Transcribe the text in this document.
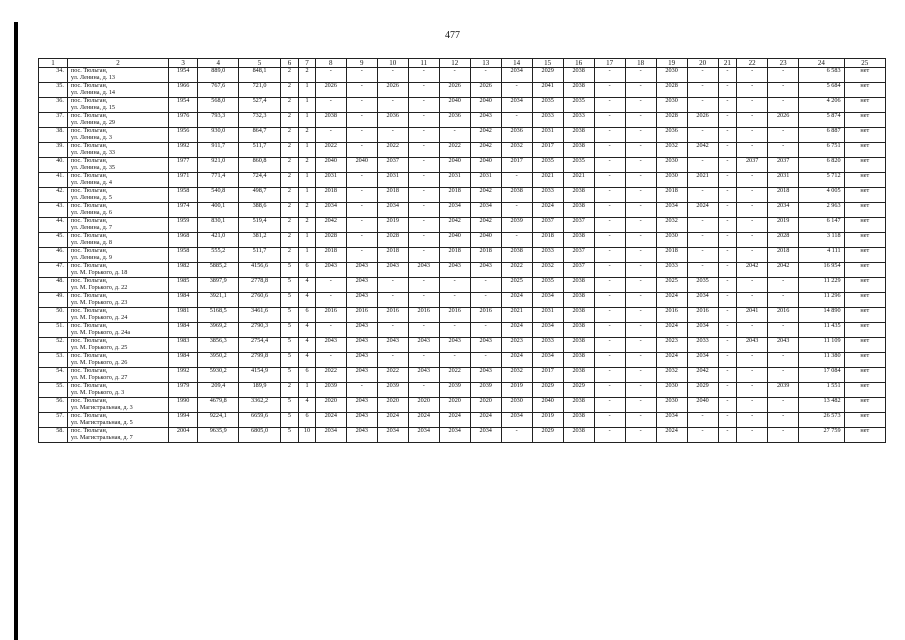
477
1	2	3	4	5	6	7	8	9	10	11	12	13	14	15	16	17	18	19	20	21	22	23	24	25
34.	пос. Тюльган,
ул. Ленина, д. 13	1954	889,0	848,1	2	2	-	-	-	-	-	-	2034	2029	2038	-	-	2030	-	-	-	-	6 583	нет
35.	пос. Тюльган,
ул. Ленина, д. 14	1966	767,6	721,0	2	1	2026	-	2026	-	2026	2026	-	2041	2038	-	-	2028	-	-	-	-	5 684	нет
36.	пос. Тюльган,
ул. Ленина, д. 15	1954	568,0	527,4	2	1	-	-	-	-	2040	2040	2034	2035	2035	-	-	2030	-	-	-	-	4 206	нет
37.	пос. Тюльган,
ул. Ленина, д. 29	1976	793,3	732,3	2	1	2038	-	2036	-	2036	2043	-	2033	2033	-	-	2028	2026	-	-	2026	5 874	нет
38.	пос. Тюльган,
ул. Ленина, д. 3	1956	930,0	864,7	2	2	-	-	-	-	-	2042	2036	2031	2038	-	-	2036	-	-	-	-	6 887	нет
39.	пос. Тюльган,
ул. Ленина, д. 33	1992	911,7	511,7	2	1	2022	-	2022	-	2022	2042	2032	2017	2038	-	-	2032	2042	-	-	-	6 751	нет
40.	пос. Тюльган,
ул. Ленина, д. 35	1977	921,0	860,8	2	2	2040	2040	2037	-	2040	2040	2017	2035	2035	-	-	2030	-	-	2037	2037	6 820	нет
41.	пос. Тюльган,
ул. Ленина, д. 4	1971	771,4	724,4	2	1	2031	-	2031	-	2031	2031	-	2021	2021	-	-	2030	2021	-	-	2031	5 712	нет
42.	пос. Тюльган,
ул. Ленина, д. 5	1958	540,8	498,7	2	1	2018	-	2018	-	2018	2042	2038	2033	2038	-	-	2018	-	-	-	2018	4 005	нет
43.	пос. Тюльган,
ул. Ленина, д. 6	1974	400,1	388,6	2	2	2034	-	2034	-	2034	2034	-	2024	2038	-	-	2034	2024	-	-	2034	2 963	нет
44.	пос. Тюльган,
ул. Ленина, д. 7	1959	830,1	519,4	2	2	2042	-	2019	-	2042	2042	2039	2037	2037	-	-	2032	-	-	-	2019	6 147	нет
45.	пос. Тюльган,
ул. Ленина, д. 8	1968	421,0	381,2	2	1	2028	-	2028	-	2040	2040	-	2018	2038	-	-	2030	-	-	-	2028	3 118	нет
46.	пос. Тюльган,
ул. Ленина, д. 9	1958	555,2	511,7	2	1	2018	-	2018	-	2018	2018	2038	2033	2037	-	-	2018	-	-	-	2018	4 111	нет
47.	пос. Тюльган,
ул. М. Горького, д. 18	1982	5885,2	4156,6	5	6	2043	2043	2043	2043	2043	2043	2022	2032	2037	-	-	2033	-	-	2042	2042	16 954	нет
48.	пос. Тюльган,
ул. М. Горького, д. 22	1985	3897,9	2778,8	5	4	-	2043	-	-	-	-	2025	2035	2038	-	-	2025	2035	-	-	-	11 229	нет
49.	пос. Тюльган,
ул. М. Горького, д. 23	1984	3921,1	2760,6	5	4	-	2043	-	-	-	-	2024	2034	2038	-	-	2024	2034	-	-	-	11 296	нет
50.	пос. Тюльган,
ул. М. Горького, д. 24	1981	5168,5	3461,6	5	6	2016	2016	2016	2016	2016	2016	2021	2031	2038	-	-	2016	2016	-	2041	2016	14 890	нет
51.	пос. Тюльган,
ул. М. Горького, д. 24а	1984	3969,2	2790,3	5	4	-	2043	-	-	-	-	2024	2034	2038	-	-	2024	2034	-	-	-	11 435	нет
52.	пос. Тюльган,
ул. М. Горького, д. 25	1983	3856,3	2754,4	5	4	2043	2043	2043	2043	2043	2043	2023	2033	2038	-	-	2023	2033	-	2043	2043	11 109	нет
53.	пос. Тюльган,
ул. М. Горького, д. 26	1984	3950,2	2799,8	5	4	-	2043	-	-	-	-	2024	2034	2038	-	-	2024	2034	-	-	-	11 380	нет
54.	пос. Тюльган,
ул. М. Горького, д. 27	1992	5930,2	4154,9	5	6	2022	2043	2022	2043	2022	2043	2032	2017	2038	-	-	2032	2042	-	-	-	17 084	нет
55.	пос. Тюльган,
ул. М. Горького, д. 3	1979	209,4	189,9	2	1	2039	-	2039	-	2039	2039	2019	2029	2029	-	-	2030	2029	-	-	2039	1 551	нет
56.	пос. Тюльган,
ул. Магистральная, д. 3	1990	4679,8	3362,2	5	4	2020	2043	2020	2020	2020	2020	2030	2040	2038	-	-	2030	2040	-	-	-	13 482	нет
57.	пос. Тюльган,
ул. Магистральная, д. 5	1994	9224,1	6659,6	5	6	2024	2043	2024	2024	2024	2024	2034	2019	2038	-	-	2034	-	-	-	-	26 573	нет
58.	пос. Тюльган,
ул. Магистральная, д. 7	2004	9635,9	6805,0	5	10	2034	2043	2034	2034	2034	2034	-	2029	2038	-	-	2024	-	-	-	-	27 759	нет
